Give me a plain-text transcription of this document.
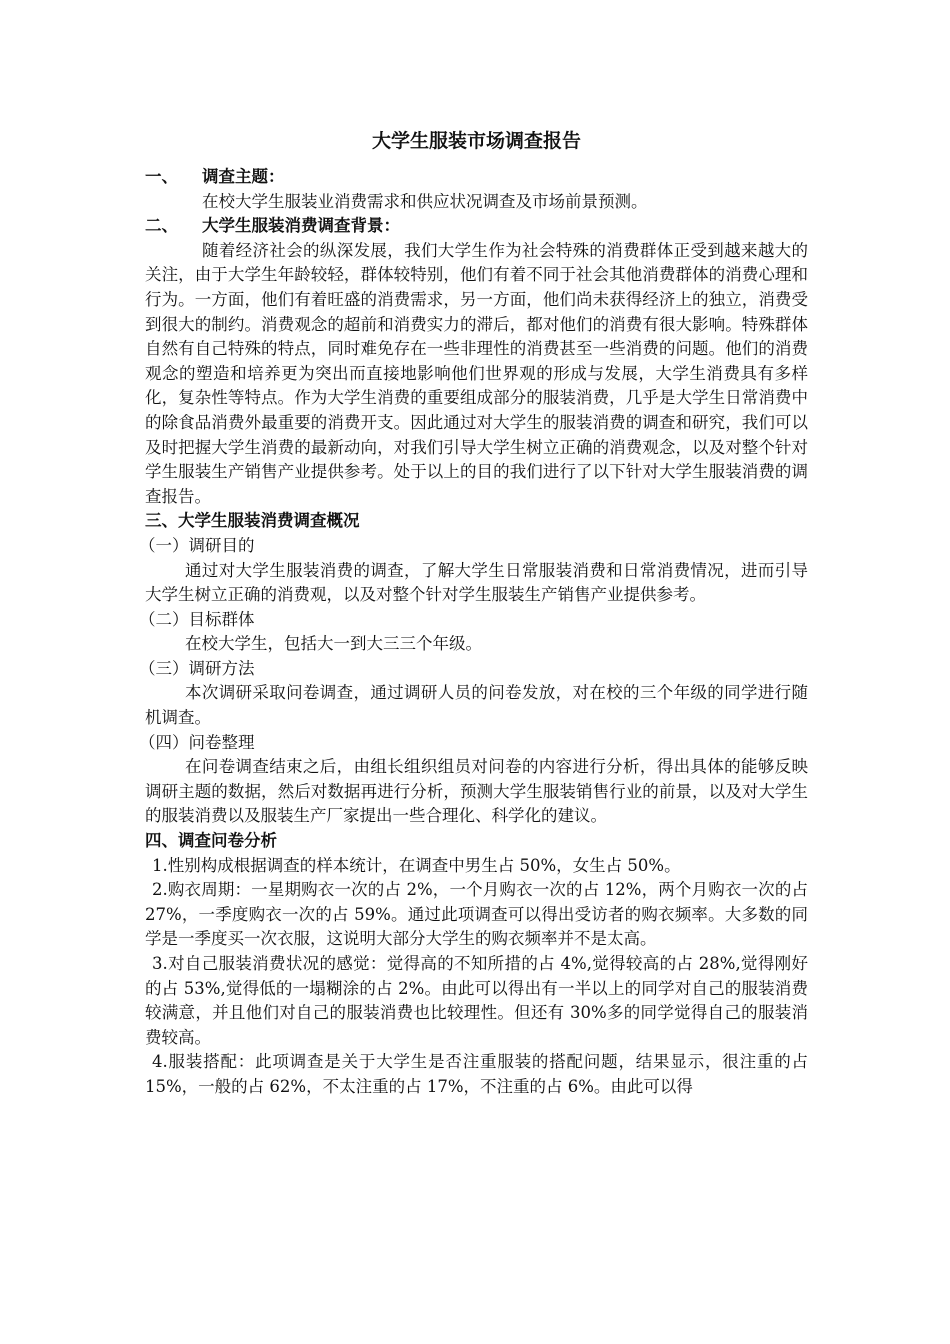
大学生服装市场调查报告
一、 调查主题：

在校大学生服装业消费需求和供应状况调查及市场前景预测。

二、 大学生服装消费调查背景：

随着经济社会的纵深发展，我们大学生作为社会特殊的消费群体正受到越来越大的关注，由于大学生年龄较轻，群体较特别，他们有着不同于社会其他消费群体的消费心理和行为。一方面，他们有着旺盛的消费需求，另一方面，他们尚未获得经济上的独立，消费受到很大的制约。消费观念的超前和消费实力的滞后，都对他们的消费有很大影响。特殊群体自然有自己特殊的特点，同时难免存在一些非理性的消费甚至一些消费的问题。他们的消费观念的塑造和培养更为突出而直接地影响他们世界观的形成与发展，大学生消费具有多样化，复杂性等特点。作为大学生消费的重要组成部分的服装消费，几乎是大学生日常消费中的除食品消费外最重要的消费开支。因此通过对大学生的服装消费的调查和研究，我们可以及时把握大学生消费的最新动向，对我们引导大学生树立正确的消费观念，以及对整个针对学生服装生产销售产业提供参考。处于以上的目的我们进行了以下针对大学生服装消费的调查报告。

三、大学生服装消费调查概况

（一）调研目的

通过对大学生服装消费的调查，了解大学生日常服装消费和日常消费情况，进而引导大学生树立正确的消费观，以及对整个针对学生服装生产销售产业提供参考。

（二）目标群体

在校大学生，包括大一到大三三个年级。

（三）调研方法

本次调研采取问卷调查，通过调研人员的问卷发放，对在校的三个年级的同学进行随机调查。

（四）问卷整理

在问卷调查结束之后，由组长组织组员对问卷的内容进行分析，得出具体的能够反映调研主题的数据，然后对数据再进行分析，预测大学生服装销售行业的前景，以及对大学生的服装消费以及服装生产厂家提出一些合理化、科学化的建议。

四、调查问卷分析

1.性别构成根据调查的样本统计，在调查中男生占 50%，女生占 50%。

2.购衣周期：一星期购衣一次的占 2%，一个月购衣一次的占 12%，两个月购衣一次的占 27%，一季度购衣一次的占 59%。通过此项调查可以得出受访者的购衣频率。大多数的同学是一季度买一次衣服，这说明大部分大学生的购衣频率并不是太高。

3.对自己服装消费状况的感觉：觉得高的不知所措的占 4%,觉得较高的占 28%,觉得刚好的占 53%,觉得低的一塌糊涂的占 2%。由此可以得出有一半以上的同学对自己的服装消费较满意，并且他们对自己的服装消费也比较理性。但还有 30%多的同学觉得自己的服装消费较高。

4.服装搭配：此项调查是关于大学生是否注重服装的搭配问题，结果显示，很注重的占 15%，一般的占 62%，不太注重的占 17%，不注重的占 6%。由此可以得
